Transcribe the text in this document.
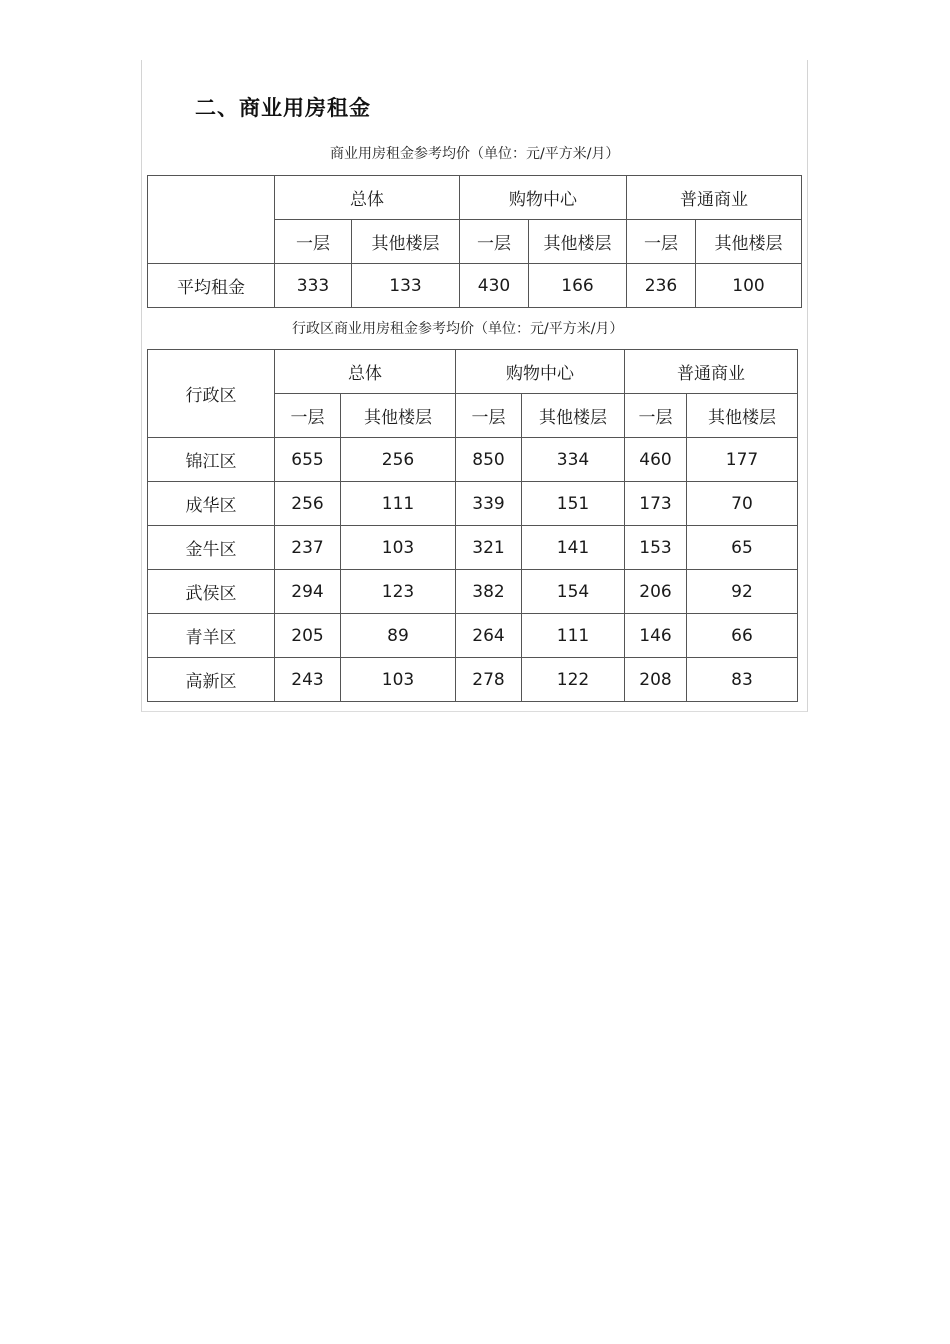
二、商业用房租金
商业用房租金参考均价（单位：元/平方米/月）
	总体		购物中心		普通商业	
	一层	其他楼层	一层	其他楼层	一层	其他楼层
平均租金	333	133	430	166	236	100
行政区商业用房租金参考均价（单位：元/平方米/月）
行政区	总体		购物中心		普通商业	
	一层	其他楼层	一层	其他楼层	一层	其他楼层
锦江区	655	256	850	334	460	177
成华区	256	111	339	151	173	70
金牛区	237	103	321	141	153	65
武侯区	294	123	382	154	206	92
青羊区	205	89	264	111	146	66
高新区	243	103	278	122	208	83
